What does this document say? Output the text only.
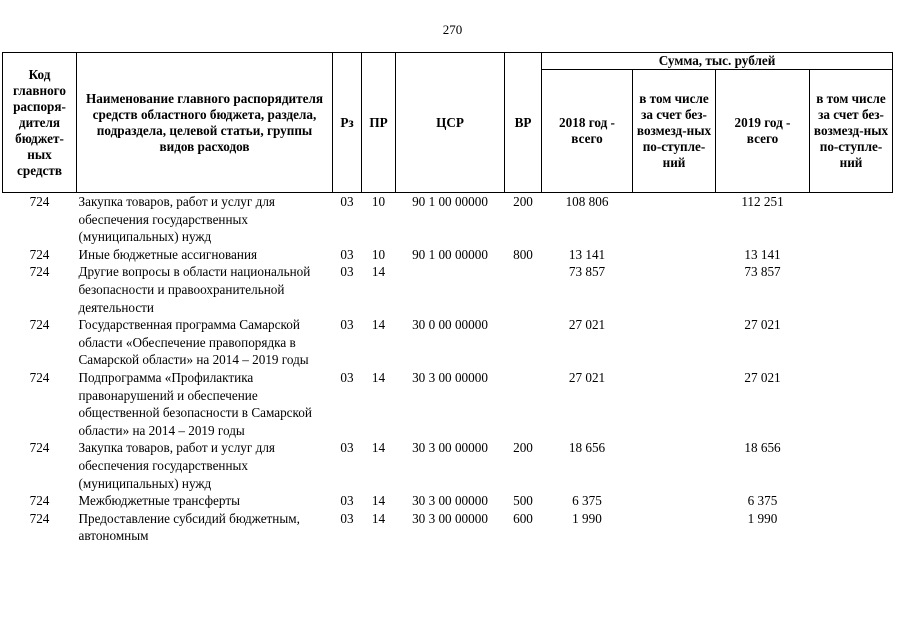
270
Код главного распоря-дителя бюджет-ных средств	Наименование главного распорядителя средств областного бюджета, раздела, подраздела, целевой статьи, группы видов расходов	Рз	ПР	ЦСР	ВР	Сумма, тыс. рублей			
						2018 год - всего	в том числе за счет без-возмезд-ных по-ступле-ний	2019 год - всего	в том числе за счет без-возмезд-ных по-ступле-ний
724	Закупка товаров, работ и услуг для обеспечения государственных (муниципальных) нужд	03	10	90 1 00 00000	200	108 806		112 251	
724	Иные бюджетные ассигнования	03	10	90 1 00 00000	800	13 141		13 141	
724	Другие вопросы в области национальной безопасности и правоохранительной деятельности	03	14			73 857		73 857	
724	Государственная программа Самарской области «Обеспечение правопорядка в Самарской области» на 2014 – 2019 годы	03	14	30 0 00 00000		27 021		27 021	
724	Подпрограмма «Профилактика правонарушений и обеспечение общественной безопасности в Самарской области» на 2014 – 2019 годы	03	14	30 3 00 00000		27 021		27 021	
724	Закупка товаров, работ и услуг для обеспечения государственных (муниципальных) нужд	03	14	30 3 00 00000	200	18 656		18 656	
724	Межбюджетные трансферты	03	14	30 3 00 00000	500	6 375		6 375	
724	Предоставление субсидий бюджетным, автономным	03	14	30 3 00 00000	600	1 990		1 990	
